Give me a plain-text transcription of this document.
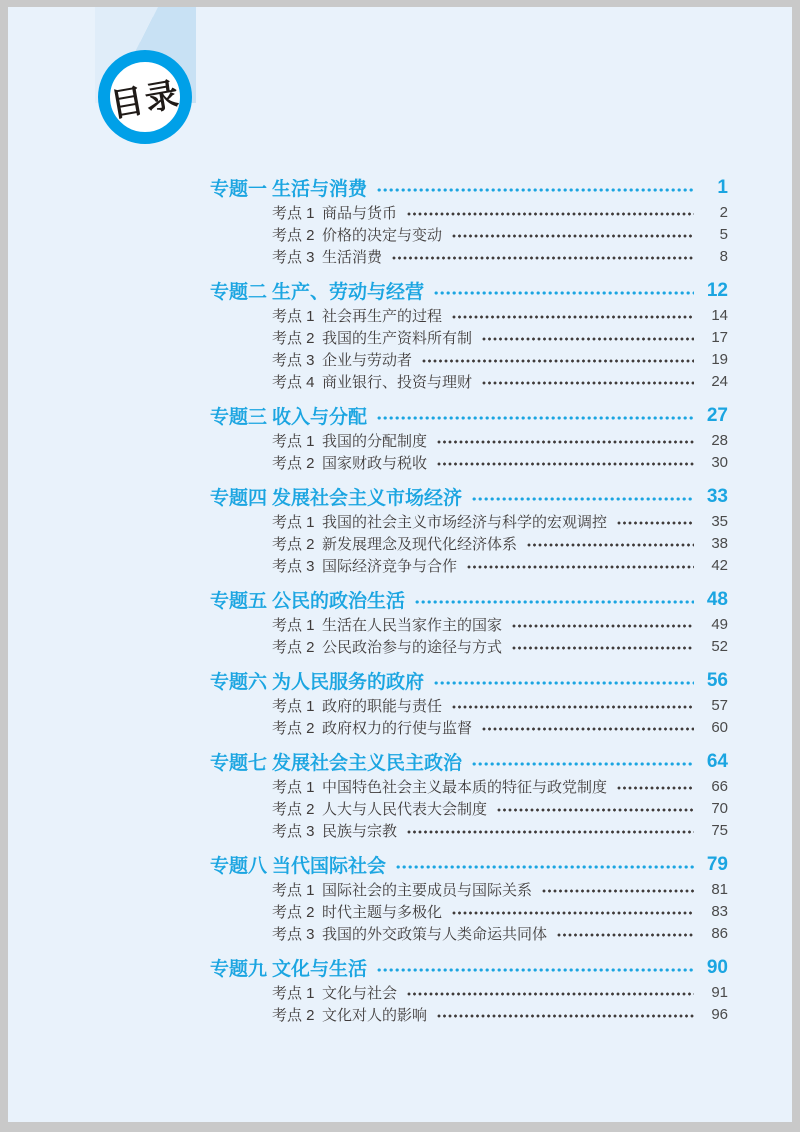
目录
专题一 生活与消费	1
考点 1 商品与货币	2
考点 2 价格的决定与变动	5
考点 3 生活消费	8
专题二 生产、劳动与经营	12
考点 1 社会再生产的过程	14
考点 2 我国的生产资料所有制	17
考点 3 企业与劳动者	19
考点 4 商业银行、投资与理财	24
专题三 收入与分配	27
考点 1 我国的分配制度	28
考点 2 国家财政与税收	30
专题四 发展社会主义市场经济	33
考点 1 我国的社会主义市场经济与科学的宏观调控	35
考点 2 新发展理念及现代化经济体系	38
考点 3 国际经济竞争与合作	42
专题五 公民的政治生活	48
考点 1 生活在人民当家作主的国家	49
考点 2 公民政治参与的途径与方式	52
专题六 为人民服务的政府	56
考点 1 政府的职能与责任	57
考点 2 政府权力的行使与监督	60
专题七 发展社会主义民主政治	64
考点 1 中国特色社会主义最本质的特征与政党制度	66
考点 2 人大与人民代表大会制度	70
考点 3 民族与宗教	75
专题八 当代国际社会	79
考点 1 国际社会的主要成员与国际关系	81
考点 2 时代主题与多极化	83
考点 3 我国的外交政策与人类命运共同体	86
专题九 文化与生活	90
考点 1 文化与社会	91
考点 2 文化对人的影响	96
